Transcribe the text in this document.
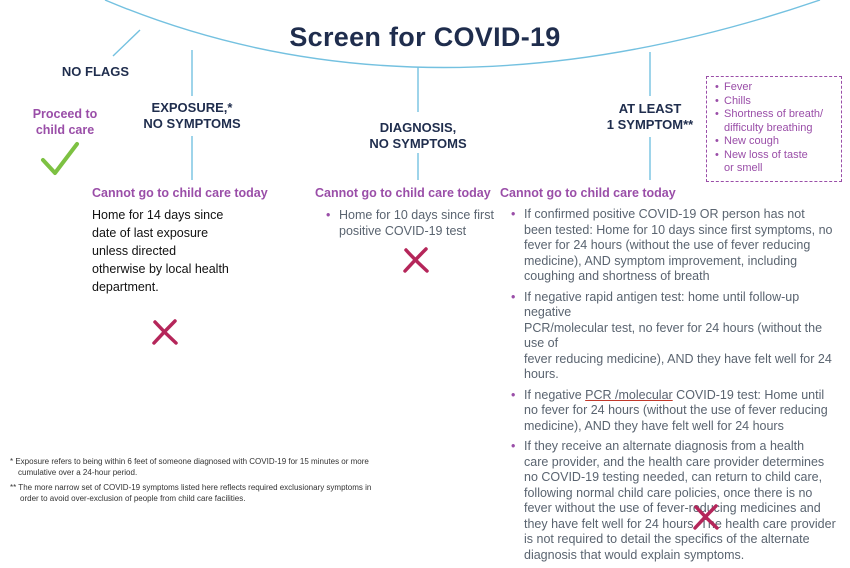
Screen for COVID-19
NO FLAGS
Proceed to
child care
EXPOSURE,*
NO SYMPTOMS
Cannot go to child care today
Home for 14 days since
date of last exposure
unless directed
otherwise by local health
department.
DIAGNOSIS,
NO SYMPTOMS
Cannot go to child care today
• Home for 10 days since first
positive COVID-19 test
AT LEAST
1 SYMPTOM**
• Fever
• Chills
• Shortness of breath/
difficulty breathing
• New cough
• New loss of taste
or smell
Cannot go to child care today
• If confirmed positive COVID-19 OR person has not
been tested: Home for 10 days since first symptoms, no
fever for 24 hours (without the use of fever reducing
medicine), AND symptom improvement, including
coughing and shortness of breath
• If negative rapid antigen test: home until follow-up negative
PCR/molecular test, no fever for 24 hours (without the use of
fever reducing medicine), AND they have felt well for 24 hours.
• If negative PCR /molecular COVID-19 test: Home until
no fever for 24 hours (without the use of fever reducing
medicine), AND they have felt well for 24 hours
• If they receive an alternate diagnosis from a health
care provider, and the health care provider determines
no COVID-19 testing needed, can return to child care,
following normal child care policies, once there is no
fever without the use of fever-reducing medicines and
they have felt well for 24 hours. The health care provider
is not required to detail the specifics of the alternate
diagnosis that would explain symptoms.
* Exposure refers to being within 6 feet of someone diagnosed with COVID-19 for 15 minutes or more
cumulative over a 24-hour period.
** The more narrow set of COVID-19 symptoms listed here reflects required exclusionary symptoms in
order to avoid over-exclusion of people from child care facilities.
